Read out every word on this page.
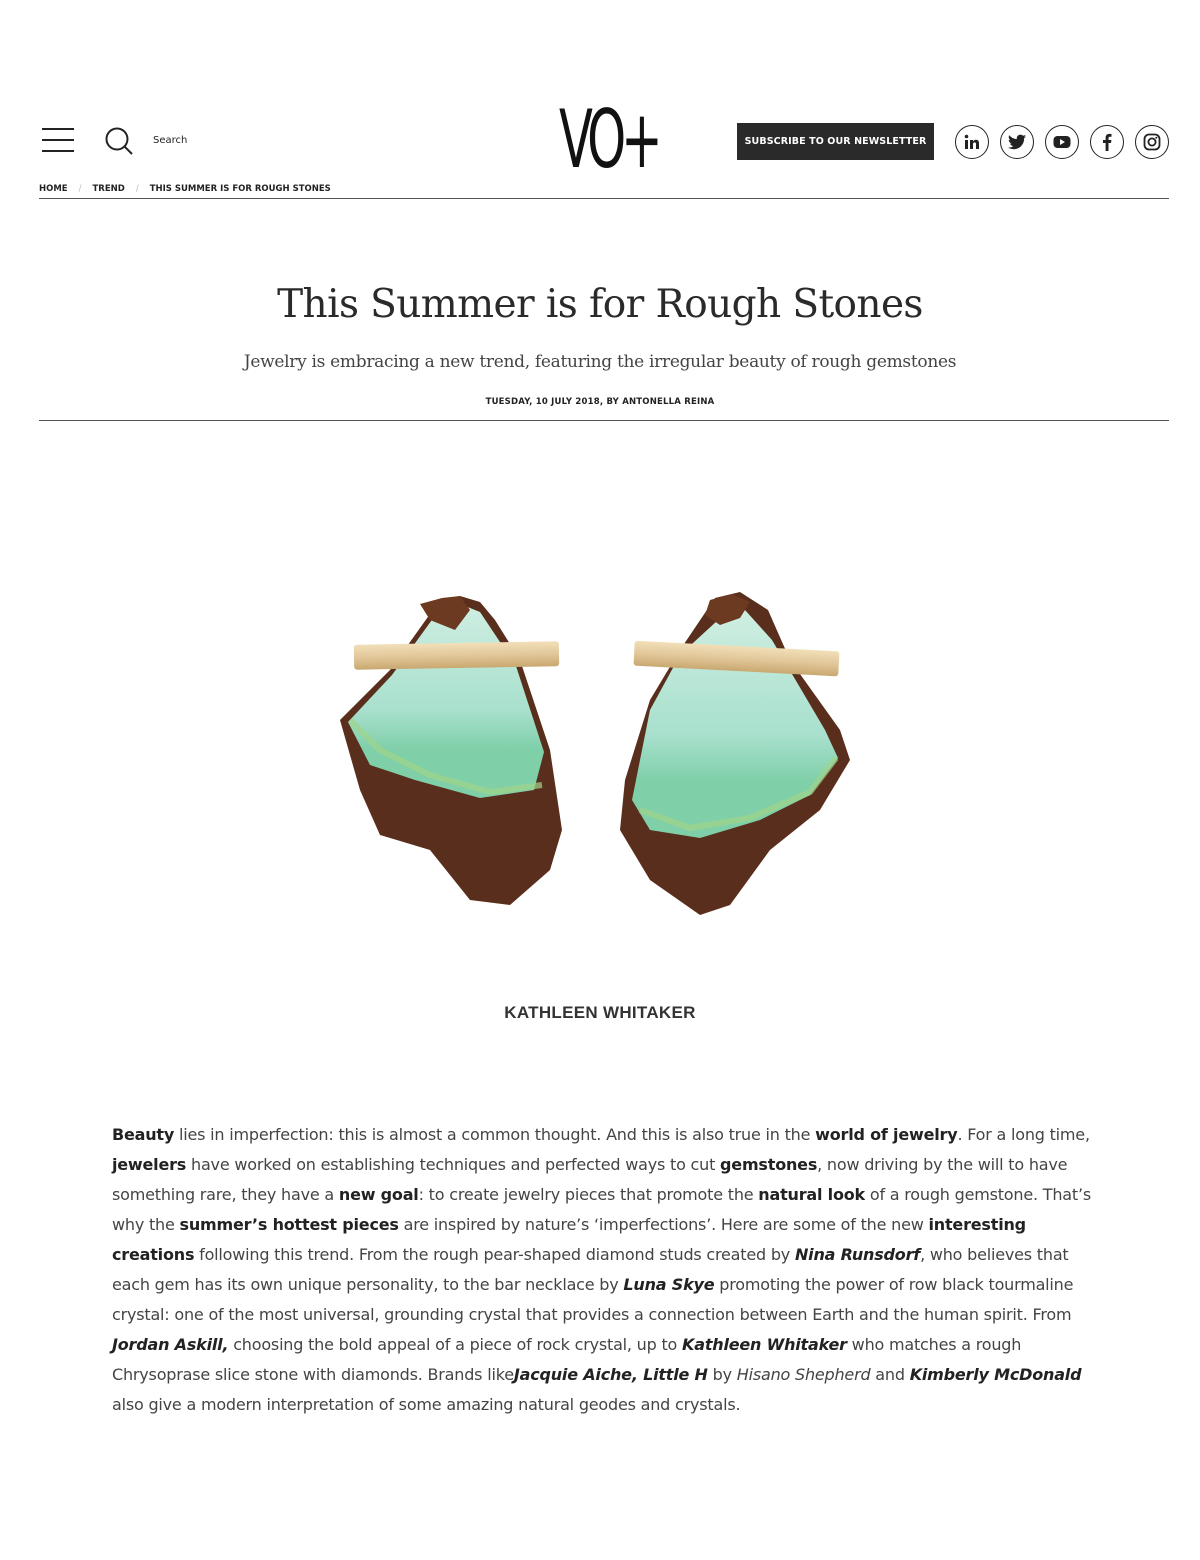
Search
VO+	SUBSCRIBE TO OUR NEWSLETTER
HOME / TREND / THIS SUMMER IS FOR ROUGH STONES
This Summer is for Rough Stones

Jewelry is embracing a new trend, featuring the irregular beauty of rough gemstones

TUESDAY, 10 JULY 2018, BY ANTONELLA REINA

KATHLEEN WHITAKER

Beauty lies in imperfection: this is almost a common thought. And this is also true in the world of jewelry. For a long time, jewelers have worked on establishing techniques and perfected ways to cut gemstones, now driving by the will to have something rare, they have a new goal: to create jewelry pieces that promote the natural look of a rough gemstone. That’s why the summer’s hottest pieces are inspired by nature’s ‘imperfections’. Here are some of the new interesting creations following this trend. From the rough pear-shaped diamond studs created by Nina Runsdorf, who believes that each gem has its own unique personality, to the bar necklace by Luna Skye promoting the power of row black tourmaline crystal: one of the most universal, grounding crystal that provides a connection between Earth and the human spirit. From Jordan Askill, choosing the bold appeal of a piece of rock crystal, up to Kathleen Whitaker who matches a rough Chrysoprase slice stone with diamonds. Brands likeJacquie Aiche, Little H by Hisano Shepherd and Kimberly McDonald also give a modern interpretation of some amazing natural geodes and crystals.
